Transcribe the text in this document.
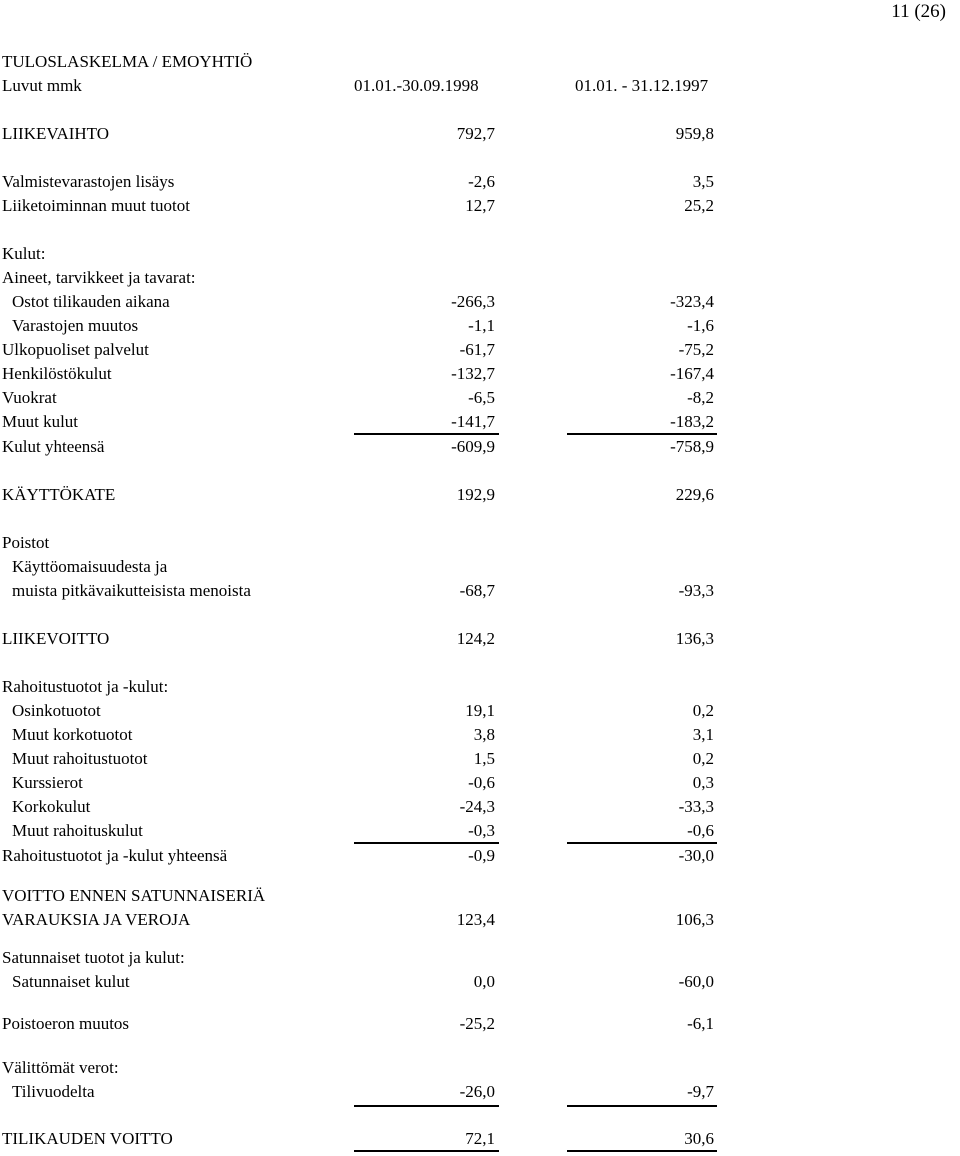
11 (26)
TULOSLASKELMA / EMOYHTIÖ
Luvut mmk	01.01.-30.09.1998	01.01. - 31.12.1997
LIIKEVAIHTO	792,7	959,8
Valmistevarastojen lisäys	-2,6	3,5
Liiketoiminnan muut tuotot	12,7	25,2
Kulut:
Aineet, tarvikkeet ja tavarat:
Ostot tilikauden aikana	-266,3	-323,4
Varastojen muutos	-1,1	-1,6
Ulkopuoliset palvelut	-61,7	-75,2
Henkilöstökulut	-132,7	-167,4
Vuokrat	-6,5	-8,2
Muut kulut	-141,7	-183,2
Kulut yhteensä	-609,9	-758,9
KÄYTTÖKATE	192,9	229,6
Poistot
Käyttöomaisuudesta ja
muista pitkävaikutteisista menoista	-68,7	-93,3
LIIKEVOITTO	124,2	136,3
Rahoitustuotot ja -kulut:
Osinkotuotot	19,1	0,2
Muut korkotuotot	3,8	3,1
Muut rahoitustuotot	1,5	0,2
Kurssierot	-0,6	0,3
Korkokulut	-24,3	-33,3
Muut rahoituskulut	-0,3	-0,6
Rahoitustuotot ja -kulut yhteensä	-0,9	-30,0
VOITTO ENNEN SATUNNAISERIÄ
VARAUKSIA JA VEROJA	123,4	106,3
Satunnaiset tuotot ja kulut:
Satunnaiset kulut	0,0	-60,0
Poistoeron muutos	-25,2	-6,1
Välittömät verot:
Tilivuodelta	-26,0	-9,7
TILIKAUDEN VOITTO	72,1	30,6
